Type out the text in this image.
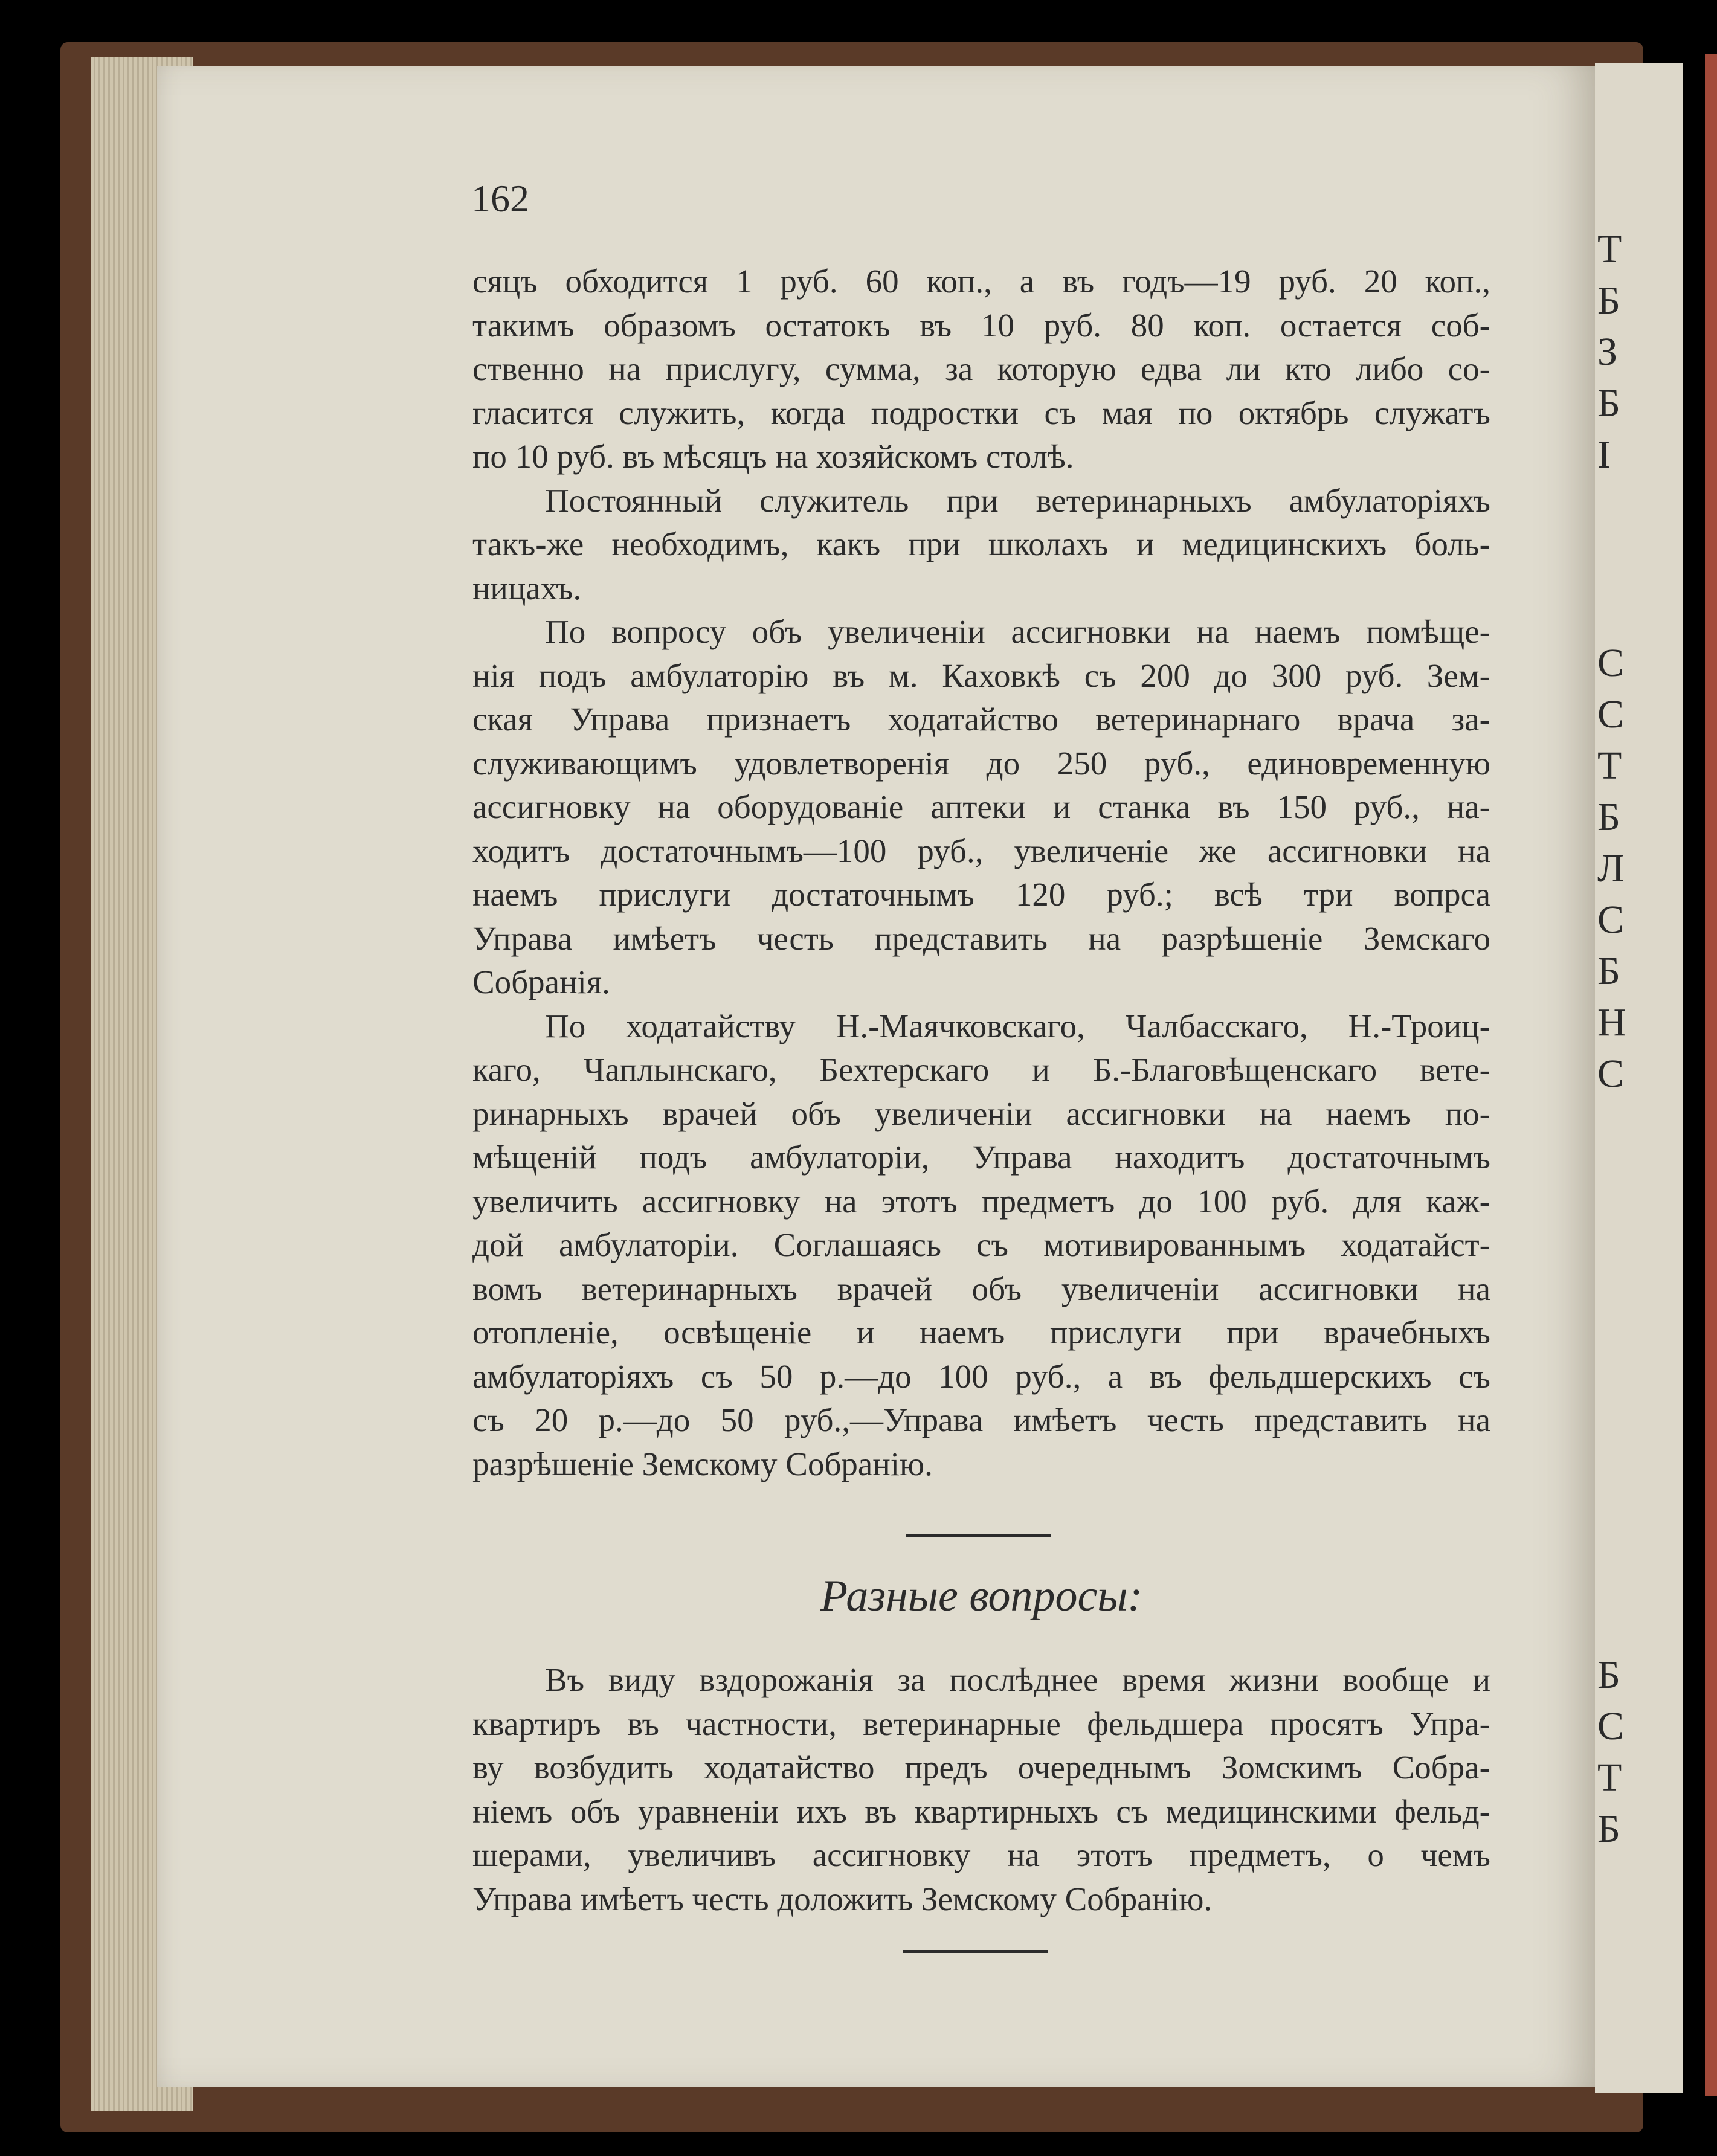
Т
Б
З
Б
I
С
С
Т
Б
Л
С
Б
Н
С
Б
С
Т
Б
162
сяцъ обходится 1 руб. 60 коп., а въ годъ—19 руб. 20 коп.,
такимъ образомъ остатокъ въ 10 руб. 80 коп. остается соб-
ственно на прислугу, сумма, за которую едва ли кто либо со-
гласится служить, когда подростки съ мая по октябрь служатъ
по 10 руб. въ мѣсяцъ на хозяйскомъ столѣ.
Постоянный служитель при ветеринарныхъ амбулаторіяхъ
такъ-же необходимъ, какъ при школахъ и медицинскихъ боль-
ницахъ.
По вопросу объ увеличеніи ассигновки на наемъ помѣще-
нія подъ амбулаторію въ м. Каховкѣ съ 200 до 300 руб. Зем-
ская Управа признаетъ ходатайство ветеринарнаго врача за-
служивающимъ удовлетворенія до 250 руб., единовременную
ассигновку на оборудованіе аптеки и станка въ 150 руб., на-
ходитъ достаточнымъ—100 руб., увеличеніе же ассигновки на
наемъ прислуги достаточнымъ 120 руб.; всѣ три вопрса
Управа имѣетъ честь представить на разрѣшеніе Земскаго
Собранія.
По ходатайству Н.-Маячковскаго, Чалбасскаго, Н.-Троиц-
каго, Чаплынскаго, Бехтерскаго и Б.-Благовѣщенскаго вете-
ринарныхъ врачей объ увеличеніи ассигновки на наемъ по-
мѣщеній подъ амбулаторіи, Управа находитъ достаточнымъ
увеличить ассигновку на этотъ предметъ до 100 руб. для каж-
дой амбулаторіи. Соглашаясь съ мотивированнымъ ходатайст-
вомъ ветеринарныхъ врачей объ увеличеніи ассигновки на
отопленіе, освѣщеніе и наемъ прислуги при врачебныхъ
амбулаторіяхъ съ 50 р.—до 100 руб., а въ фельдшерскихъ съ
съ 20 р.—до 50 руб.,—Управа имѣетъ честь представить на
разрѣшеніе Земскому Собранію.
Разные вопросы:
Въ виду вздорожанія за послѣднее время жизни вообще и
квартиръ въ частности, ветеринарные фельдшера просятъ Упра-
ву возбудить ходатайство предъ очереднымъ Зомскимъ Собра-
ніемъ объ уравненіи ихъ въ квартирныхъ съ медицинскими фельд-
шерами, увеличивъ ассигновку на этотъ предметъ, о чемъ
Управа имѣетъ честь доложить Земскому Собранію.
